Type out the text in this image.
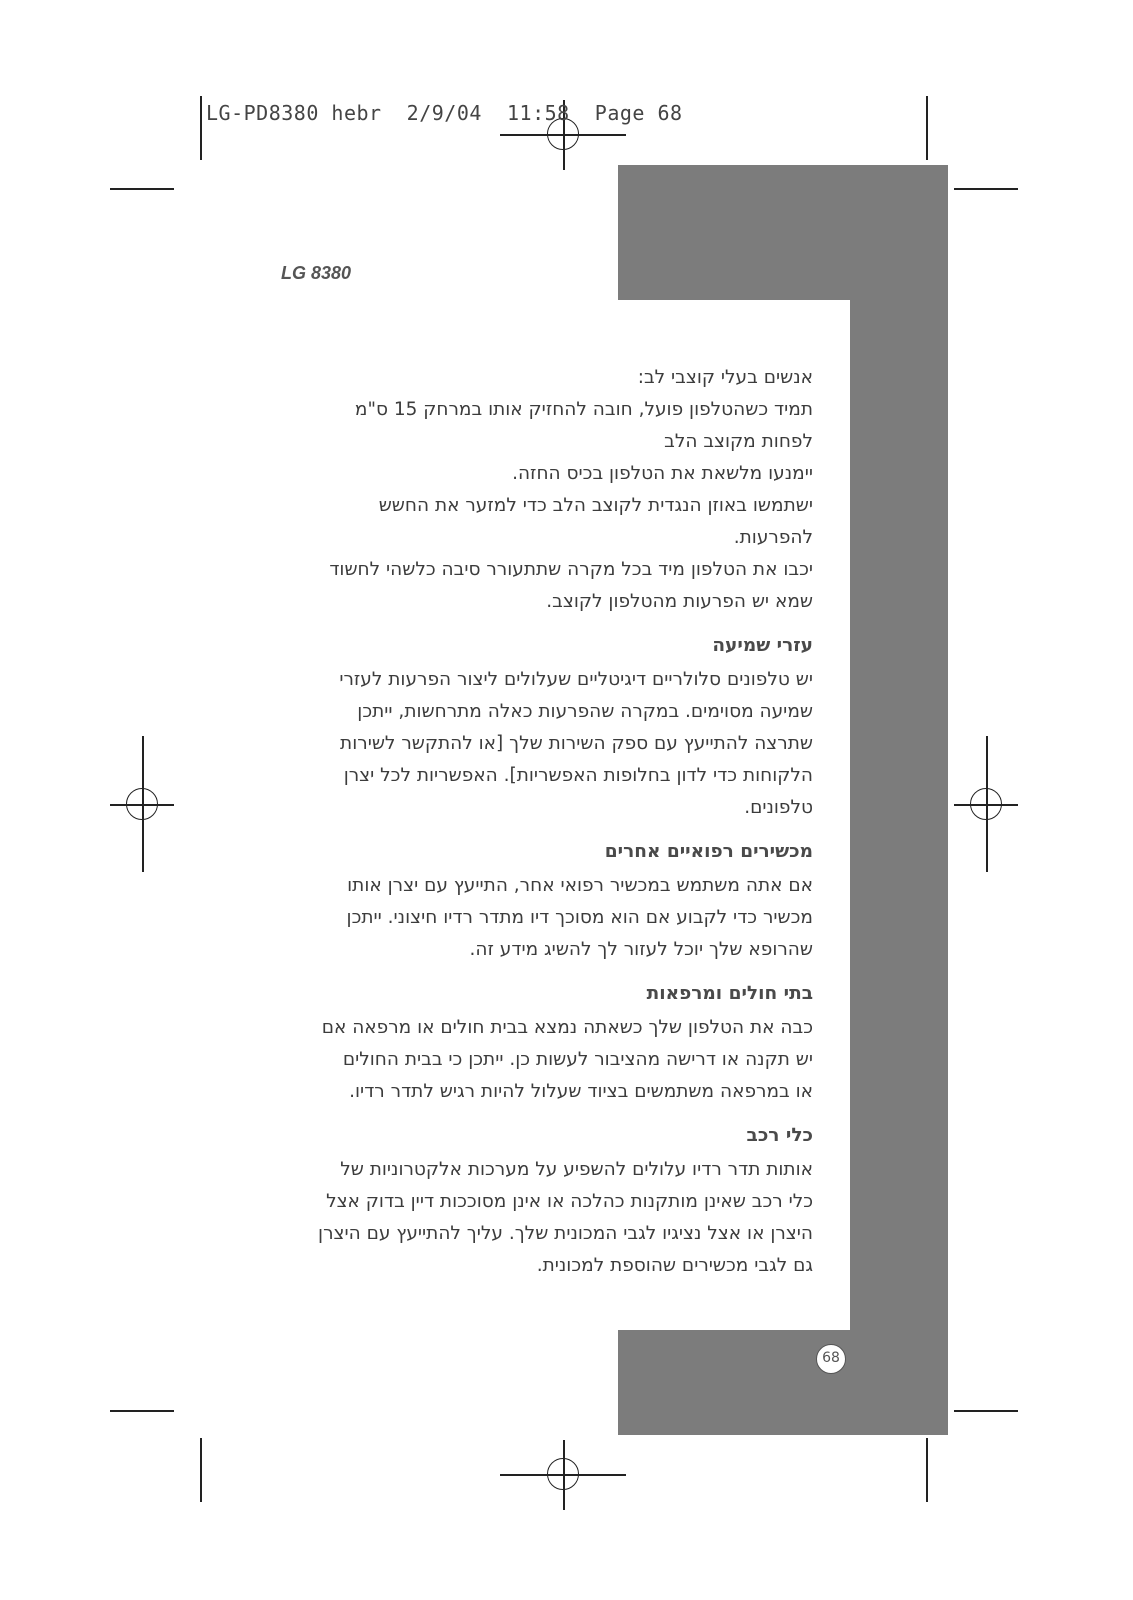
LG-PD8380 hebr  2/9/04  11:58  Page 68
LG 8380

אנשים בעלי קוצבי לב:

תמיד כשהטלפון פועל, חובה להחזיק אותו במרחק 15 ס"מ

לפחות מקוצב הלב

יימנעו מלשאת את הטלפון בכיס החזה.

ישתמשו באוזן הנגדית לקוצב הלב כדי למזער את החשש

להפרעות.

יכבו את הטלפון מיד בכל מקרה שתתעורר סיבה כלשהי לחשוד

שמא יש הפרעות מהטלפון לקוצב.

עזרי שמיעה

יש טלפונים סלולריים דיגיטליים שעלולים ליצור הפרעות לעזרי

שמיעה מסוימים. במקרה שהפרעות כאלה מתרחשות, ייתכן

שתרצה להתייעץ עם ספק השירות שלך [או להתקשר לשירות

הלקוחות כדי לדון בחלופות האפשריות]. האפשריות לכל יצרן

טלפונים.

מכשירים רפואיים אחרים

אם אתה משתמש במכשיר רפואי אחר, התייעץ עם יצרן אותו

מכשיר כדי לקבוע אם הוא מסוכך דיו מתדר רדיו חיצוני. ייתכן

שהרופא שלך יוכל לעזור לך להשיג מידע זה.

בתי חולים ומרפאות

כבה את הטלפון שלך כשאתה נמצא בבית חולים או מרפאה אם

יש תקנה או דרישה מהציבור לעשות כן. ייתכן כי בבית החולים

או במרפאה משתמשים בציוד שעלול להיות רגיש לתדר רדיו.

כלי רכב

אותות תדר רדיו עלולים להשפיע על מערכות אלקטרוניות של

כלי רכב שאינן מותקנות כהלכה או אינן מסוככות דיין בדוק אצל

היצרן או אצל נציגיו לגבי המכונית שלך. עליך להתייעץ עם היצרן

גם לגבי מכשירים שהוספת למכונית.

68
